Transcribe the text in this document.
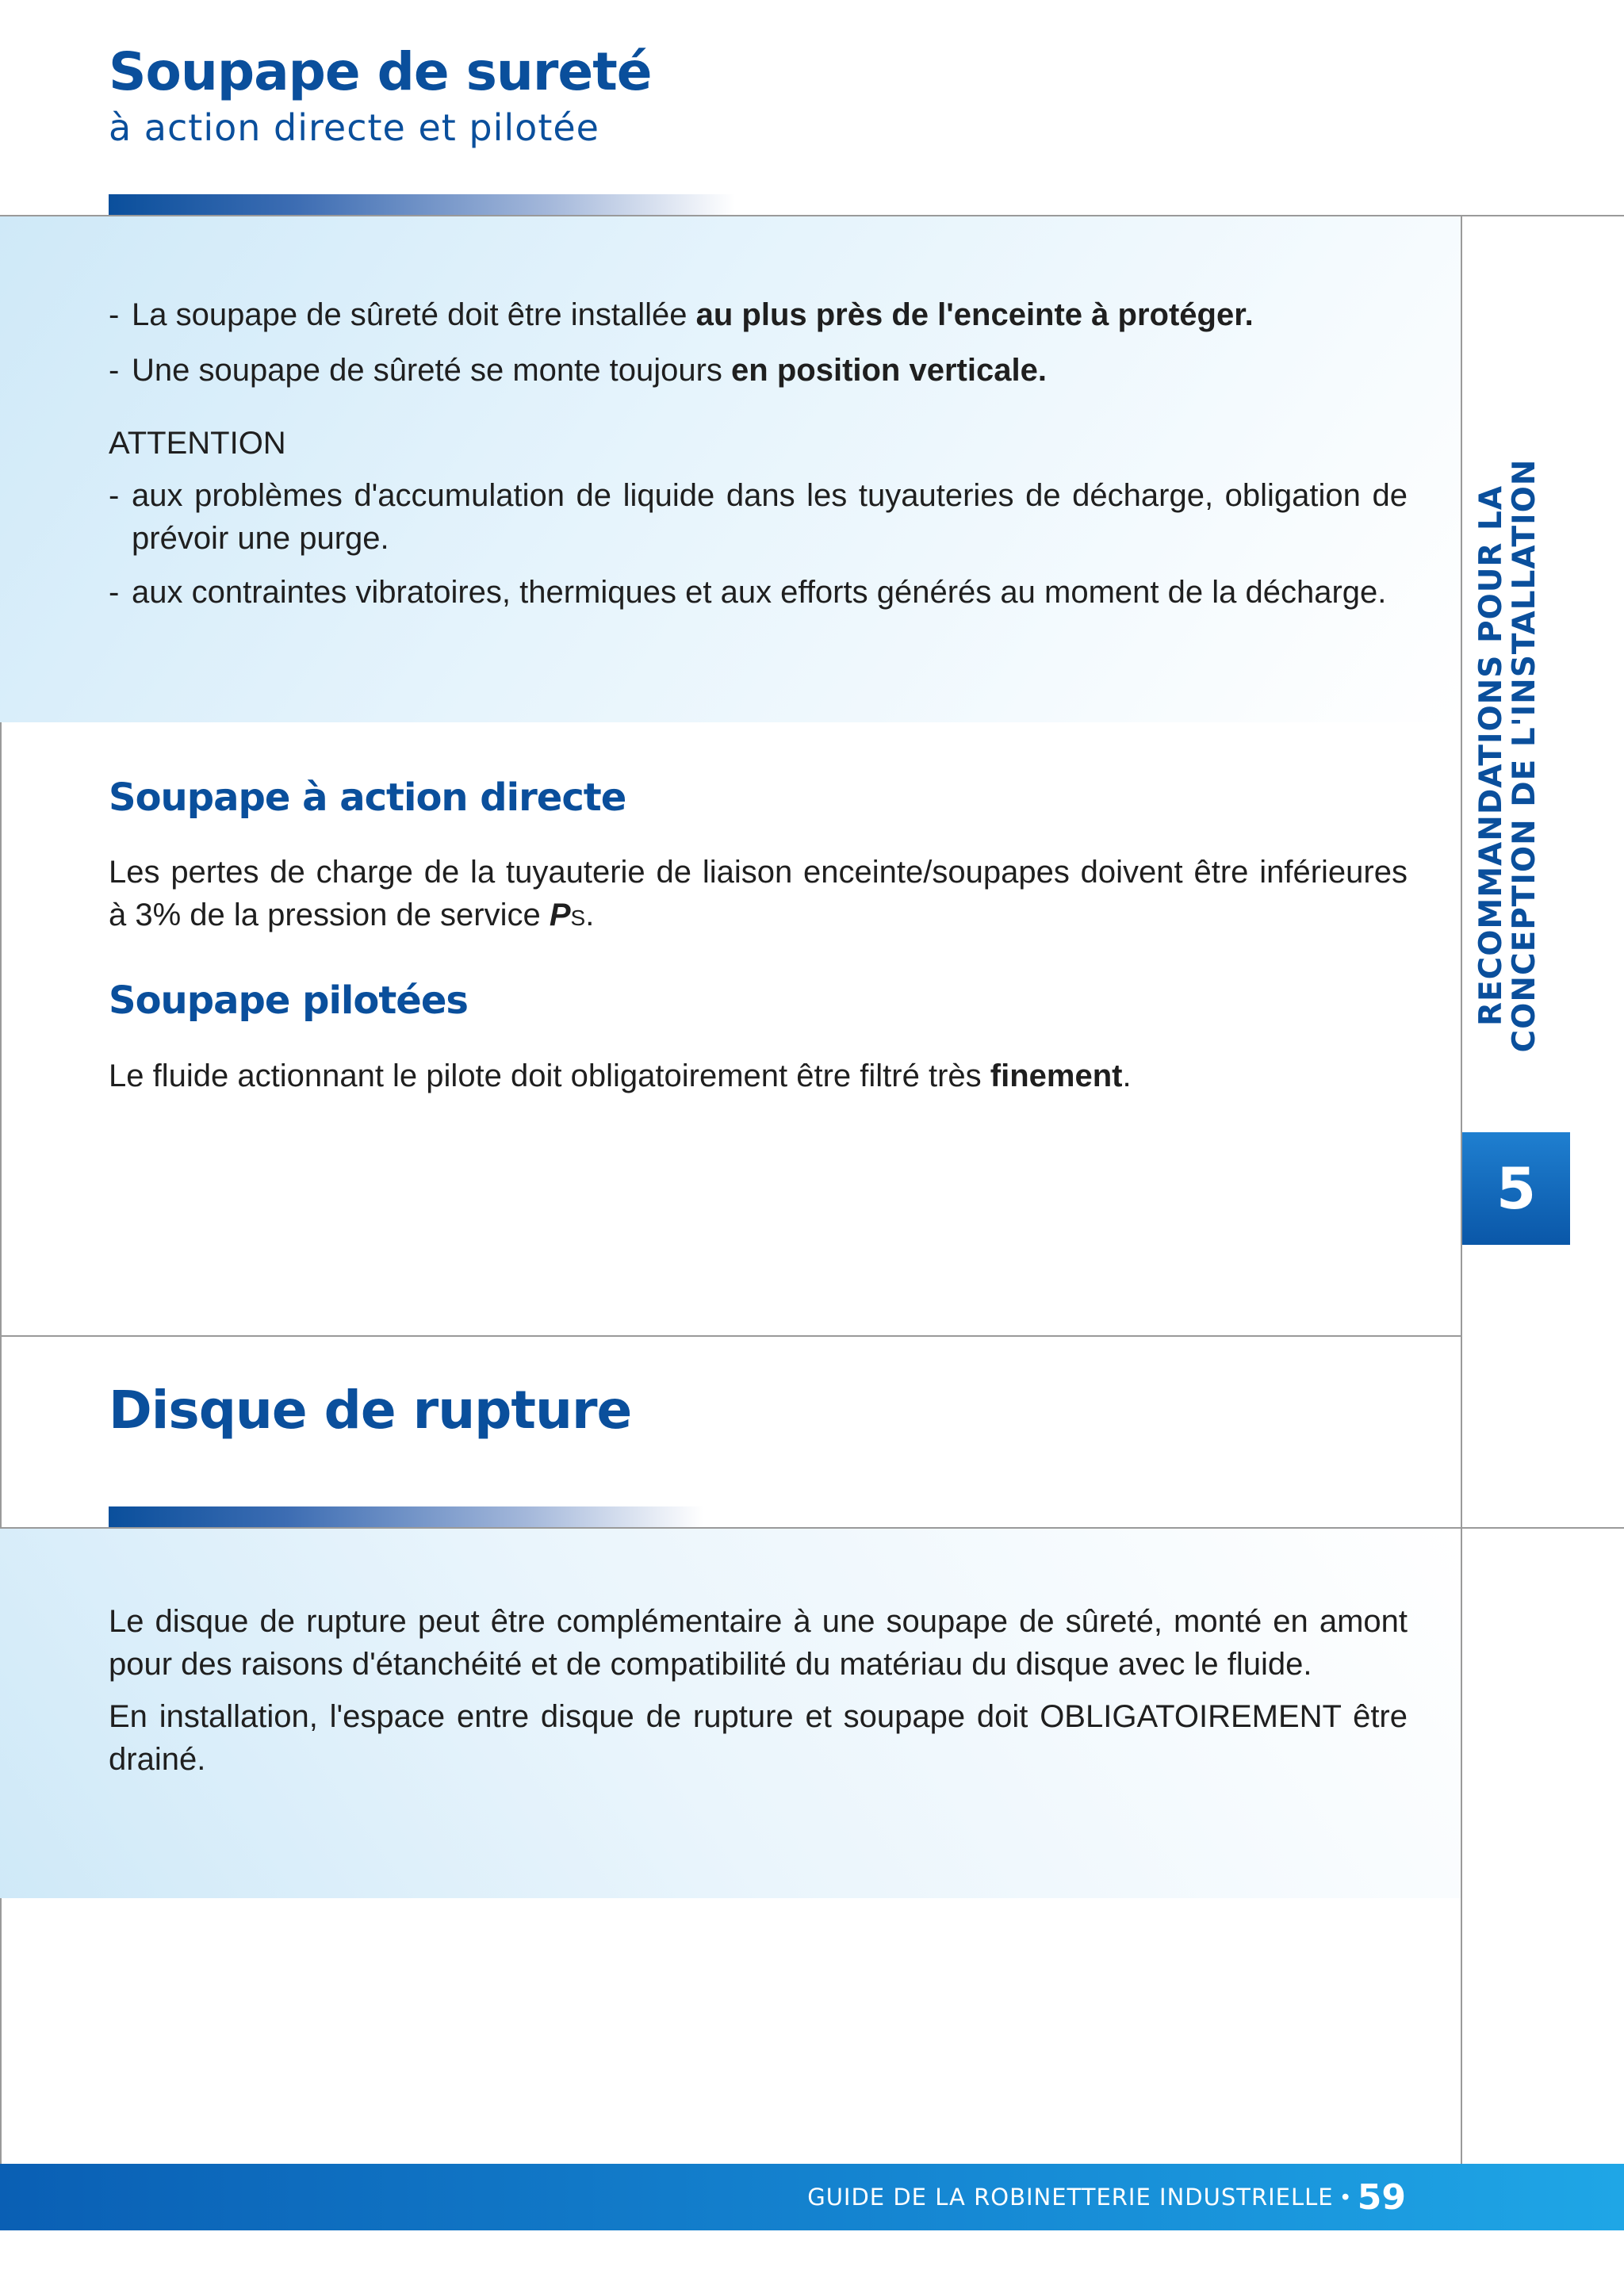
Soupape de sureté
à action directe et pilotée

- La soupape de sûreté doit être installée au plus près de l'enceinte à protéger.

- Une soupape de sûreté se monte toujours en position verticale.

ATTENTION

- aux problèmes d'accumulation de liquide dans les tuyauteries de décharge, obligation de prévoir une purge.

- aux contraintes vibratoires, thermiques et aux efforts générés au moment de la décharge.

Soupape à action directe

Les pertes de charge de la tuyauterie de liaison enceinte/soupapes doivent être inférieures à 3% de la pression de service PS.

Soupape pilotées

Le fluide actionnant le pilote doit obligatoirement être filtré très finement.

Disque de rupture

Le disque de rupture peut être complémentaire à une soupape de sûreté, monté en amont pour des raisons d'étanchéité et de compatibilité du matériau du disque avec le fluide.

En installation, l'espace entre disque de rupture et soupape doit OBLIGATOIREMENT être drainé.

RECOMMANDATIONS POUR LA
CONCEPTION DE L'INSTALLATION
5
GUIDE DE LA ROBINETTERIE INDUSTRIELLE • 59
